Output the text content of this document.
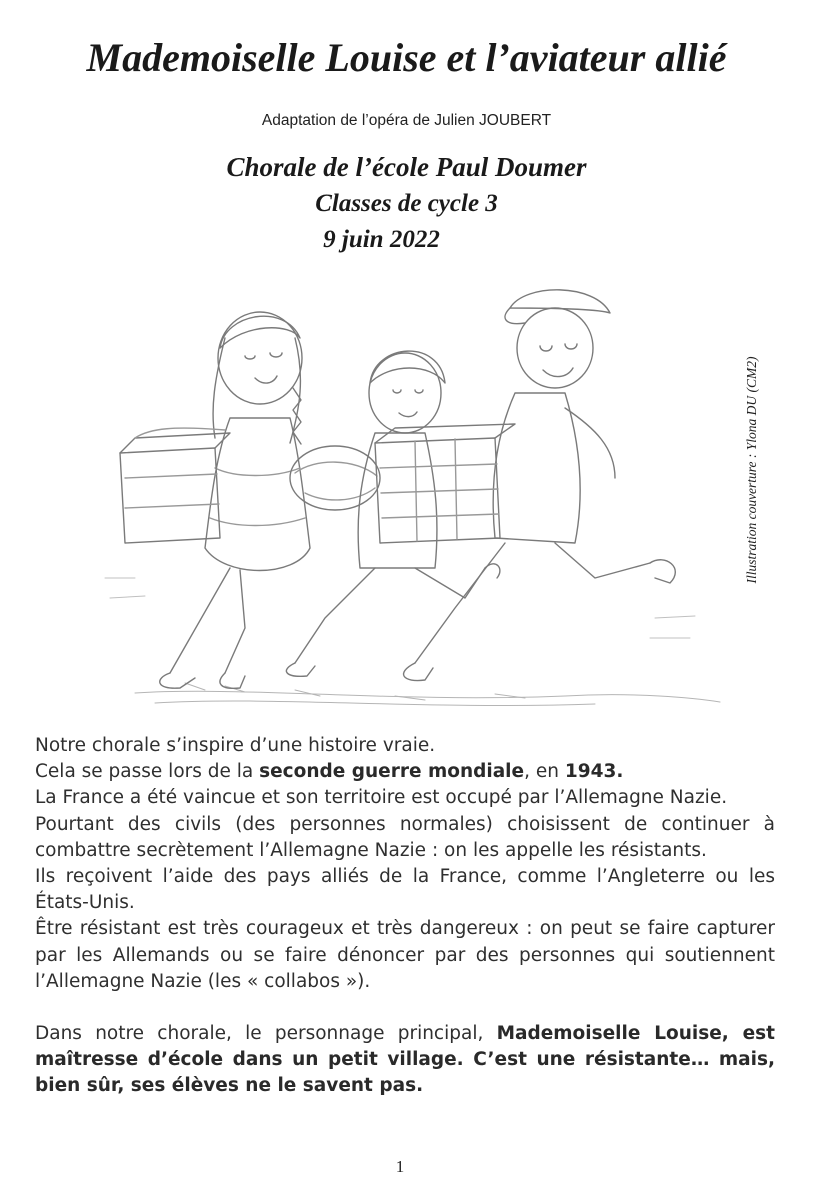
Mademoiselle Louise et l’aviateur allié
Adaptation de l’opéra de Julien JOUBERT
Chorale de l’école Paul Doumer
Classes de cycle 3
9 juin 2022
Illustration couverture : Ylona DU (CM2)

Notre chorale s’inspire d’une histoire vraie.

Cela se passe lors de la seconde guerre mondiale, en 1943.

La France a été vaincue et son territoire est occupé par l’Allemagne Nazie.

Pourtant des civils (des personnes normales) choisissent de continuer à combattre secrètement l’Allemagne Nazie : on les appelle les résistants.

Ils reçoivent l’aide des pays alliés de la France, comme l’Angleterre ou les États-Unis.

Être résistant est très courageux et très dangereux : on peut se faire capturer par les Allemands ou se faire dénoncer par des personnes qui soutiennent l’Allemagne Nazie (les « collabos »).

Dans notre chorale, le personnage principal, Mademoiselle Louise, est maîtresse d’école dans un petit village. C’est une résistante… mais, bien sûr, ses élèves ne le savent pas.

1
